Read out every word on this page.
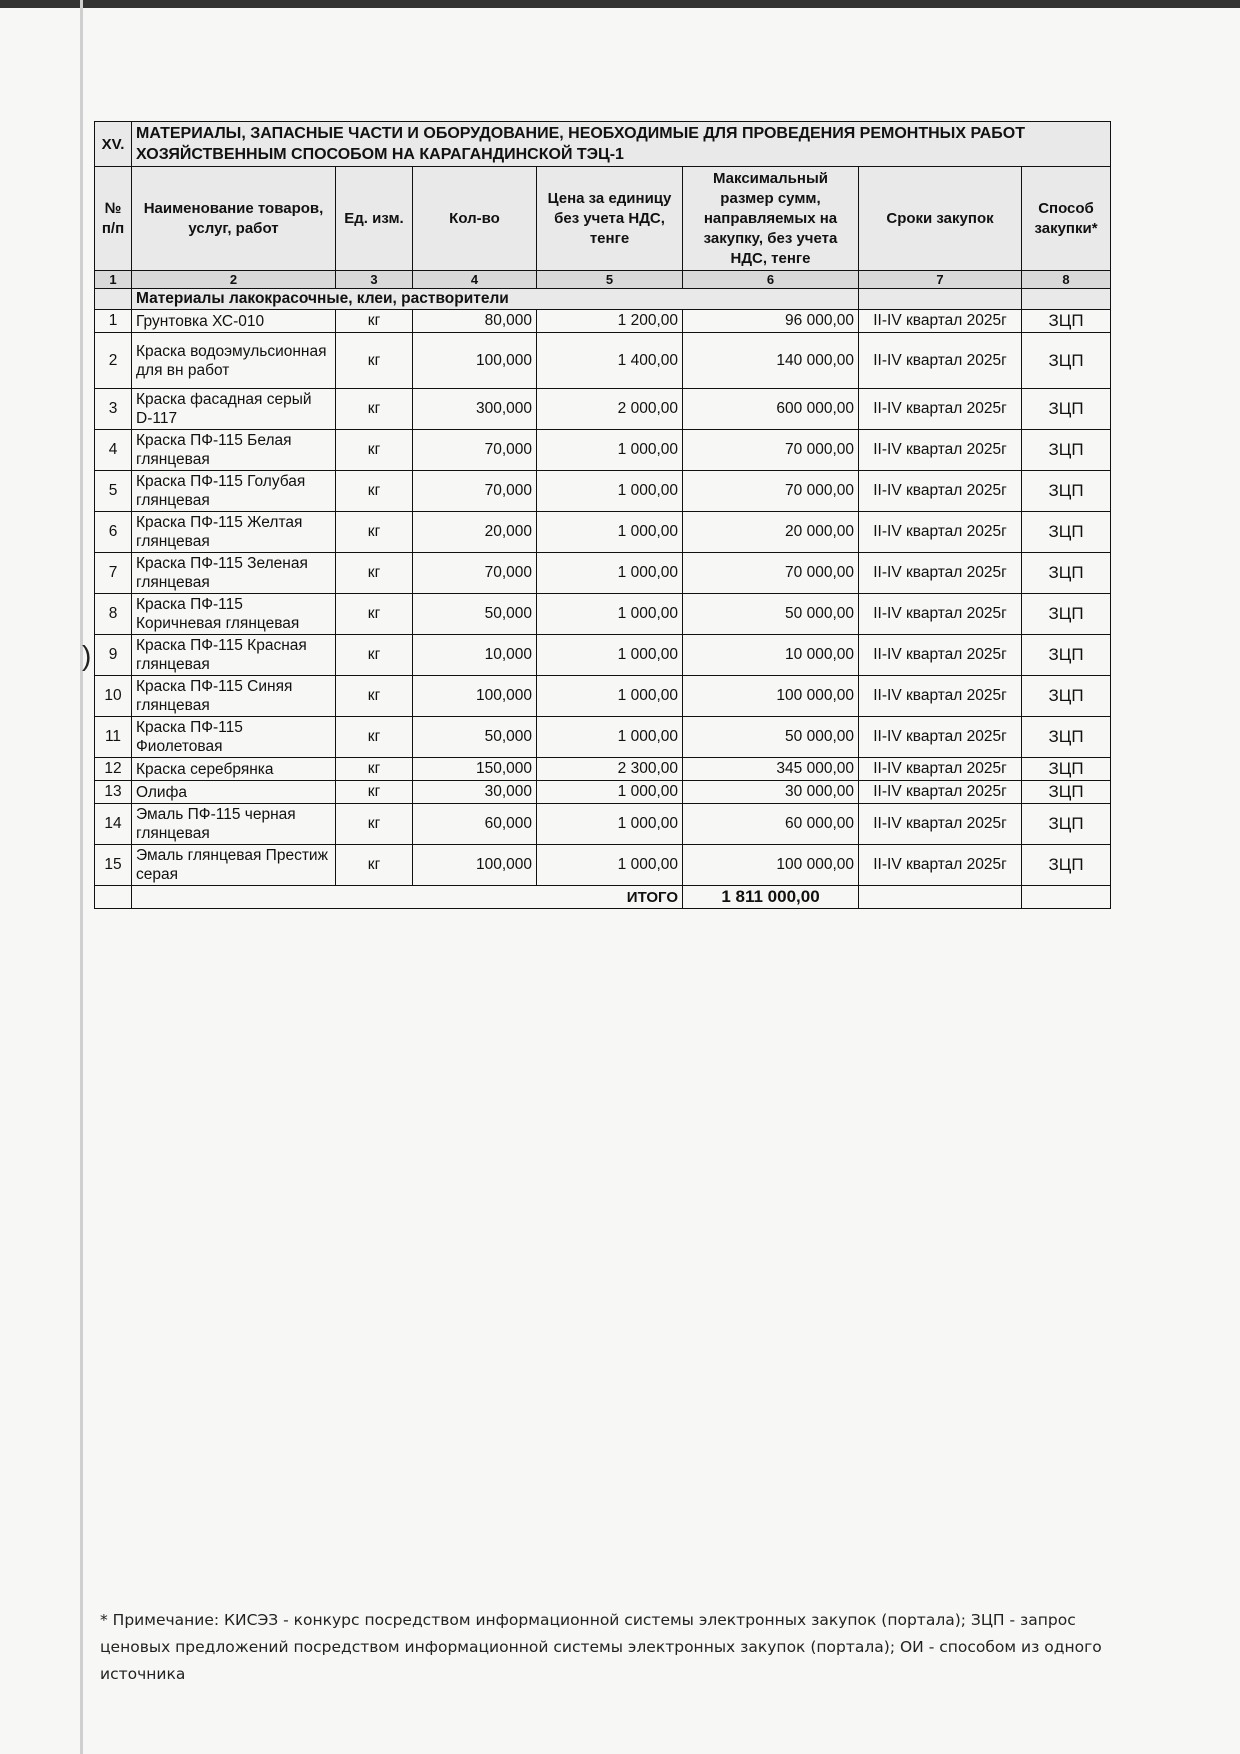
)
XV.	МАТЕРИАЛЫ, ЗАПАСНЫЕ ЧАСТИ И ОБОРУДОВАНИЕ, НЕОБХОДИМЫЕ ДЛЯ ПРОВЕДЕНИЯ РЕМОНТНЫХ РАБОТ ХОЗЯЙСТВЕННЫМ СПОСОБОМ НА КАРАГАНДИНСКОЙ ТЭЦ-1						
№ п/п	Наименование товаров, услуг, работ	Ед. изм.	Кол-во	Цена за единицу без учета НДС, тенге	Максимальный размер сумм, направляемых на закупку, без учета НДС, тенге	Сроки закупок	Способ закупки*
1	2	3	4	5	6	7	8
	Материалы лакокрасочные, клеи, растворители						
1	Грунтовка ХС-010	кг	80,000	1 200,00	96 000,00	II-IV квартал 2025г	ЗЦП
2	Краска водоэмульсионная для вн работ	кг	100,000	1 400,00	140 000,00	II-IV квартал 2025г	ЗЦП
3	Краска фасадная серый D-117	кг	300,000	2 000,00	600 000,00	II-IV квартал 2025г	ЗЦП
4	Краска ПФ-115 Белая глянцевая	кг	70,000	1 000,00	70 000,00	II-IV квартал 2025г	ЗЦП
5	Краска ПФ-115 Голубая глянцевая	кг	70,000	1 000,00	70 000,00	II-IV квартал 2025г	ЗЦП
6	Краска ПФ-115 Желтая глянцевая	кг	20,000	1 000,00	20 000,00	II-IV квартал 2025г	ЗЦП
7	Краска ПФ-115 Зеленая глянцевая	кг	70,000	1 000,00	70 000,00	II-IV квартал 2025г	ЗЦП
8	Краска ПФ-115 Коричневая глянцевая	кг	50,000	1 000,00	50 000,00	II-IV квартал 2025г	ЗЦП
9	Краска ПФ-115 Красная глянцевая	кг	10,000	1 000,00	10 000,00	II-IV квартал 2025г	ЗЦП
10	Краска ПФ-115 Синяя глянцевая	кг	100,000	1 000,00	100 000,00	II-IV квартал 2025г	ЗЦП
11	Краска ПФ-115 Фиолетовая	кг	50,000	1 000,00	50 000,00	II-IV квартал 2025г	ЗЦП
12	Краска серебрянка	кг	150,000	2 300,00	345 000,00	II-IV квартал 2025г	ЗЦП
13	Олифа	кг	30,000	1 000,00	30 000,00	II-IV квартал 2025г	ЗЦП
14	Эмаль ПФ-115 черная глянцевая	кг	60,000	1 000,00	60 000,00	II-IV квартал 2025г	ЗЦП
15	Эмаль глянцевая Престиж серая	кг	100,000	1 000,00	100 000,00	II-IV квартал 2025г	ЗЦП
	ИТОГО				1 811 000,00		
* Примечание: КИСЭЗ - конкурс посредством информационной системы электронных закупок (портала); ЗЦП - запрос ценовых предложений посредством информационной системы электронных закупок (портала); ОИ - способом из одного источника
